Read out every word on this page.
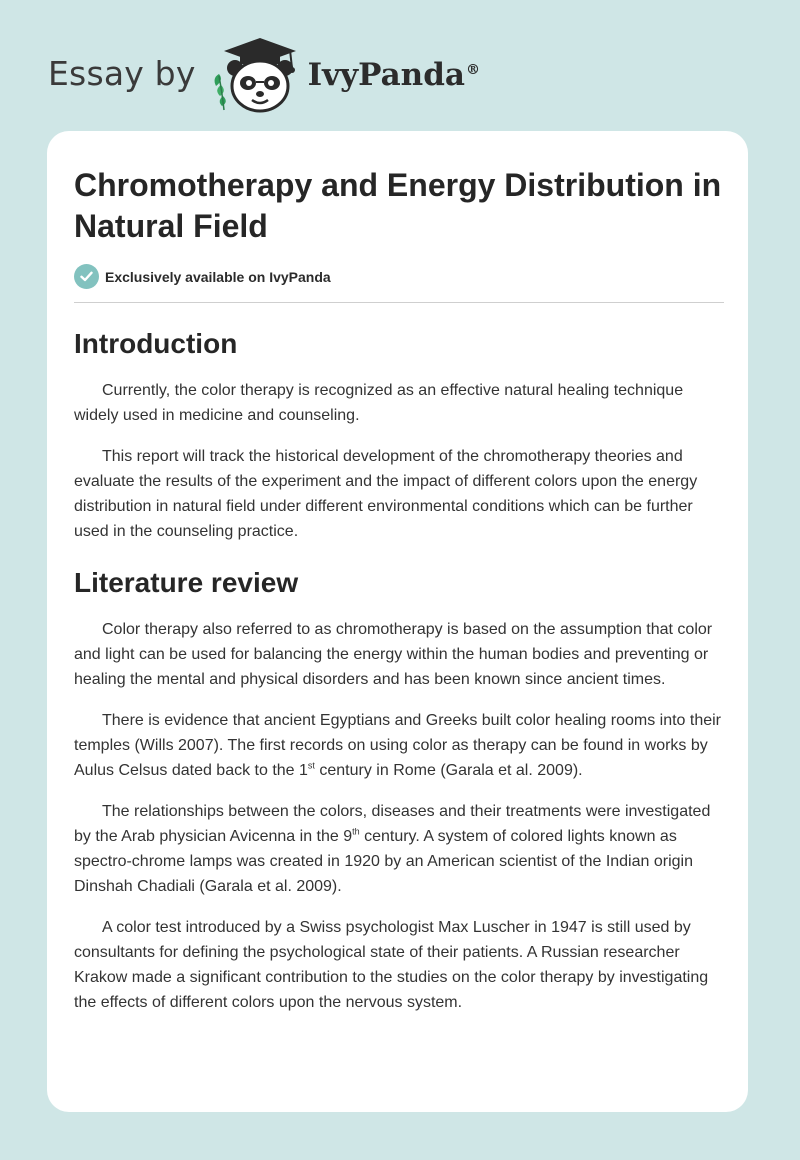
Essay by	IvyPanda®
Chromotherapy and Energy Distribution in Natural Field
Exclusively available on IvyPanda
Introduction

Currently, the color therapy is recognized as an effective natural healing technique widely used in medicine and counseling.

This report will track the historical development of the chromotherapy theories and evaluate the results of the experiment and the impact of different colors upon the energy distribution in natural field under different environmental conditions which can be further used in the counseling practice.

Literature review

Color therapy also referred to as chromotherapy is based on the assumption that color and light can be used for balancing the energy within the human bodies and preventing or healing the mental and physical disorders and has been known since ancient times.

There is evidence that ancient Egyptians and Greeks built color healing rooms into their temples (Wills 2007). The first records on using color as therapy can be found in works by Aulus Celsus dated back to the 1st century in Rome (Garala et al. 2009).

The relationships between the colors, diseases and their treatments were investigated by the Arab physician Avicenna in the 9th century. A system of colored lights known as spectro-chrome lamps was created in 1920 by an American scientist of the Indian origin Dinshah Chadiali (Garala et al. 2009).

A color test introduced by a Swiss psychologist Max Luscher in 1947 is still used by consultants for defining the psychological state of their patients. A Russian researcher Krakow made a significant contribution to the studies on the color therapy by investigating the effects of different colors upon the nervous system.
